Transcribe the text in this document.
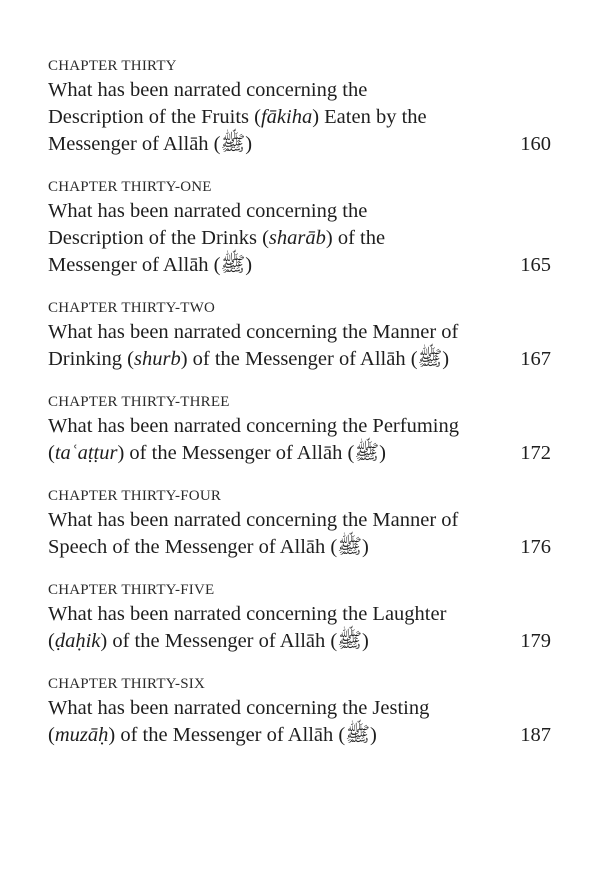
CHAPTER THIRTY
What has been narrated concerning the
Description of the Fruits (fākiha) Eaten by the
Messenger of Allāh (ﷺ)	160
CHAPTER THIRTY-ONE
What has been narrated concerning the
Description of the Drinks (sharāb) of the
Messenger of Allāh (ﷺ)	165
CHAPTER THIRTY-TWO
What has been narrated concerning the Manner of
Drinking (shurb) of the Messenger of Allāh (ﷺ)	167
CHAPTER THIRTY-THREE
What has been narrated concerning the Perfuming
(taʿaṭṭur) of the Messenger of Allāh (ﷺ)	172
CHAPTER THIRTY-FOUR
What has been narrated concerning the Manner of
Speech of the Messenger of Allāh (ﷺ)	176
CHAPTER THIRTY-FIVE
What has been narrated concerning the Laughter
(ḍaḥik) of the Messenger of Allāh (ﷺ)	179
CHAPTER THIRTY-SIX
What has been narrated concerning the Jesting
(muzāḥ) of the Messenger of Allāh (ﷺ)	187
